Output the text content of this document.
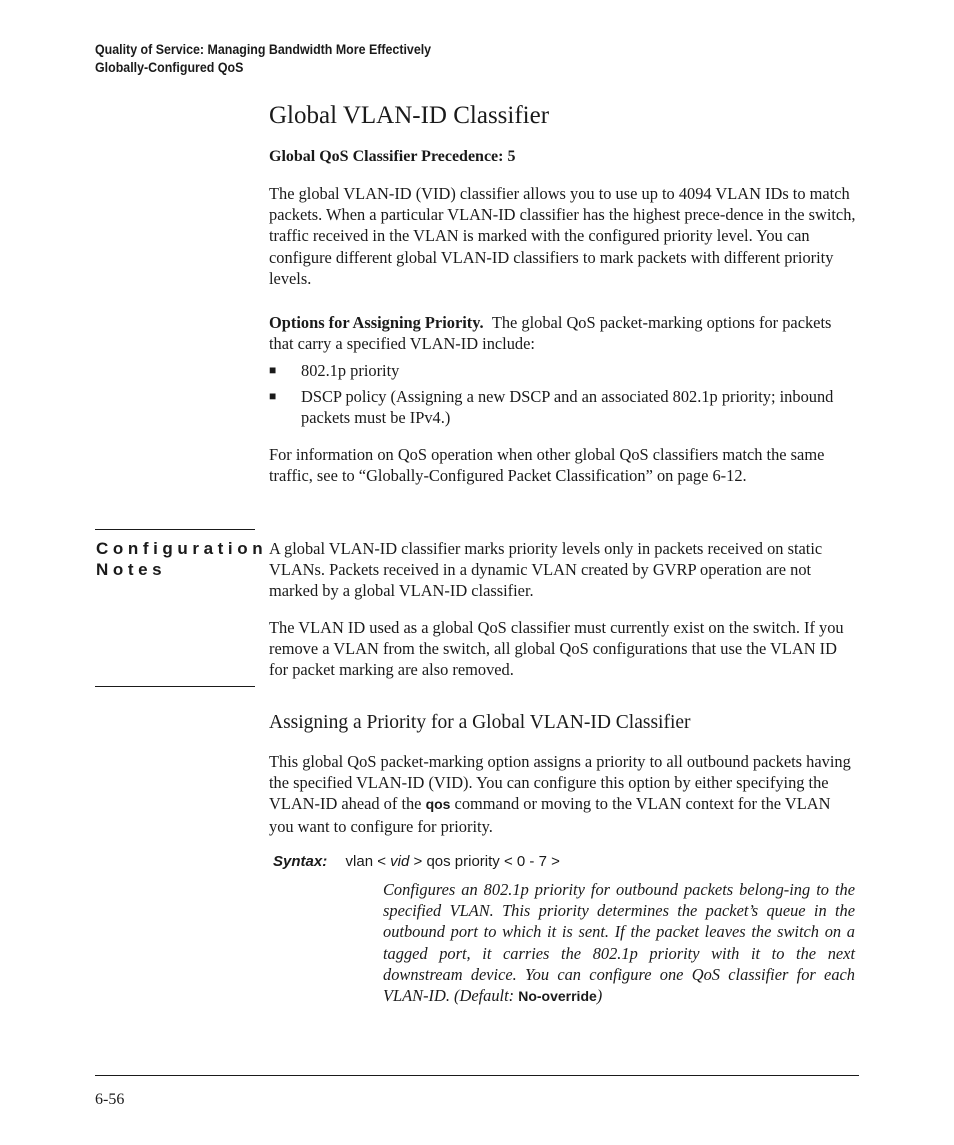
Quality of Service: Managing Bandwidth More Effectively
Globally-Configured QoS
Global VLAN-ID Classifier
Global QoS Classifier Precedence: 5

The global VLAN-ID (VID) classifier allows you to use up to 4094 VLAN IDs to match packets. When a particular VLAN-ID classifier has the highest prece-dence in the switch, traffic received in the VLAN is marked with the configured priority level. You can configure different global VLAN-ID classifiers to mark packets with different priority levels.

Options for Assigning Priority. The global QoS packet-marking options for packets that carry a specified VLAN-ID include:

■ 802.1p priority
■ DSCP policy (Assigning a new DSCP and an associated 802.1p priority; inbound packets must be IPv4.)

For information on QoS operation when other global QoS classifiers match the same traffic, see to “Globally-Configured Packet Classification” on page 6-12.

Configuration
Notes

A global VLAN-ID classifier marks priority levels only in packets received on static VLANs. Packets received in a dynamic VLAN created by GVRP operation are not marked by a global VLAN-ID classifier.

The VLAN ID used as a global QoS classifier must currently exist on the switch. If you remove a VLAN from the switch, all global QoS configurations that use the VLAN ID for packet marking are also removed.

Assigning a Priority for a Global VLAN-ID Classifier

This global QoS packet-marking option assigns a priority to all outbound packets having the specified VLAN-ID (VID). You can configure this option by either specifying the VLAN-ID ahead of the qos command or moving to the VLAN context for the VLAN you want to configure for priority.

Syntax: vlan < vid > qos priority < 0 - 7 >
Configures an 802.1p priority for outbound packets belong-ing to the specified VLAN. This priority determines the packet’s queue in the outbound port to which it is sent. If the packet leaves the switch on a tagged port, it carries the 802.1p priority with it to the next downstream device. You can configure one QoS classifier for each VLAN-ID. (Default: No-override)
6-56
